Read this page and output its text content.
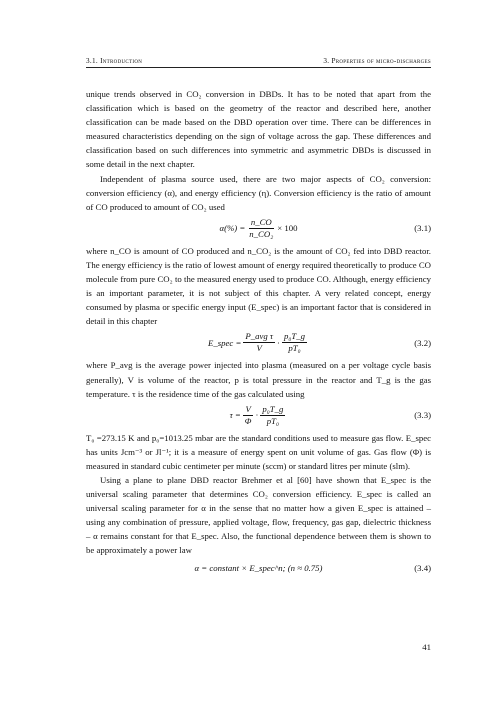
3.1. Introduction	3. Properties of micro-discharges

unique trends observed in CO₂ conversion in DBDs. It has to be noted that apart from the classification which is based on the geometry of the reactor and described here, another classification can be made based on the DBD operation over time. There can be differences in measured characteristics depending on the sign of voltage across the gap. These differences and classification based on such differences into symmetric and asymmetric DBDs is discussed in some detail in the next chapter.

Independent of plasma source used, there are two major aspects of CO₂ conversion: conversion efficiency (α), and energy efficiency (η). Conversion efficiency is the ratio of amount of CO produced to amount of CO₂ used

$\alpha(\%) = \frac{n\_CO}{\text{n\_CO₂}} \times 100$	(3.1)

where n_CO is amount of CO produced and n_CO₂ is the amount of CO₂ fed into DBD reactor. The energy efficiency is the ratio of lowest amount of energy required theoretically to produce CO molecule from pure CO₂ to the measured energy used to produce CO. Although, energy efficiency is an important parameter, it is not subject of this chapter. A very related concept, energy consumed by plasma or specific energy input (E_spec) is an important factor that is considered in detail in this chapter

E_spec = $\frac{\text{P\_avg τ}}{V} \cdot \frac{\text{p₀T\_g}}{\text{pT₀}}$	(3.2)

where P_avg is the average power injected into plasma (measured on a per voltage cycle basis generally), V is volume of the reactor, p is total pressure in the reactor and T_g is the gas temperature. τ is the residence time of the gas calculated using

$\tau = \frac{V}{\Phi} \cdot \frac{\text{p₀T\_g}}{\text{pT₀}}$	(3.3)

T₀ =273.15 K and p₀=1013.25 mbar are the standard conditions used to measure gas flow. E_spec has units Jcm⁻³ or Jl⁻¹; it is a measure of energy spent on unit volume of gas. Gas flow (Φ) is measured in standard cubic centimeter per minute (sccm) or standard litres per minute (slm).

Using a plane to plane DBD reactor Brehmer et al [60] have shown that E_spec is the universal scaling parameter that determines CO₂ conversion efficiency. E_spec is called an universal scaling parameter for α in the sense that no matter how a given E_spec is attained – using any combination of pressure, applied voltage, flow, frequency, gas gap, dielectric thickness – α remains constant for that E_spec. Also, the functional dependence between them is shown to be approximately a power law

α = constant × E_spec^n; (n ≈ 0.75)	(3.4)
41
